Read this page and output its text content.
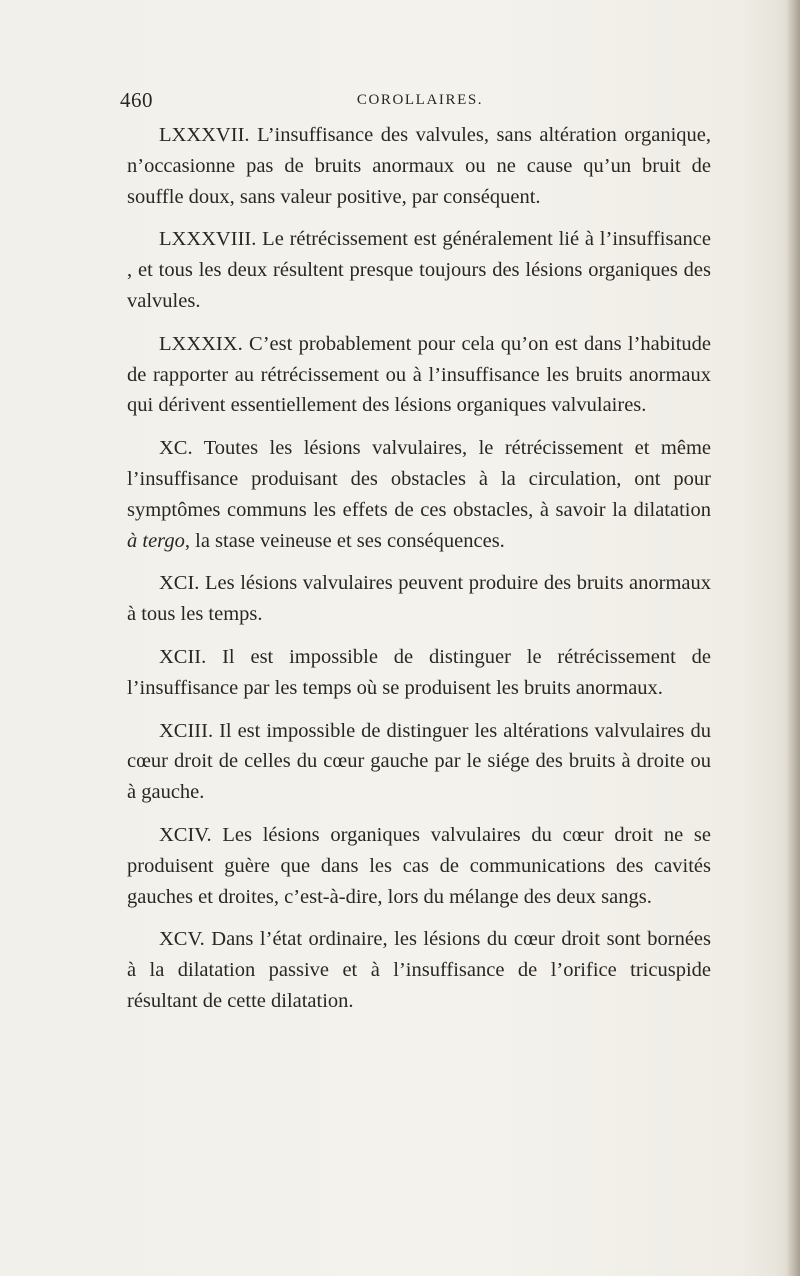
460	COROLLAIRES.

LXXXVII. L’insuffisance des valvules, sans altération organique, n’occasionne pas de bruits anormaux ou ne cause qu’un bruit de souffle doux, sans valeur positive, par conséquent.

LXXXVIII. Le rétrécissement est généralement lié à l’insuffisance , et tous les deux résultent presque toujours des lésions organiques des valvules.

LXXXIX. C’est probablement pour cela qu’on est dans l’habitude de rapporter au rétrécissement ou à l’insuffisance les bruits anormaux qui dérivent essentiellement des lésions organiques valvulaires.

XC. Toutes les lésions valvulaires, le rétrécissement et même l’insuffisance produisant des obstacles à la circulation, ont pour symptômes communs les effets de ces obstacles, à savoir la dilatation à tergo, la stase veineuse et ses conséquences.

XCI. Les lésions valvulaires peuvent produire des bruits anormaux à tous les temps.

XCII. Il est impossible de distinguer le rétrécissement de l’insuffisance par les temps où se produisent les bruits anormaux.

XCIII. Il est impossible de distinguer les altérations valvulaires du cœur droit de celles du cœur gauche par le siége des bruits à droite ou à gauche.

XCIV. Les lésions organiques valvulaires du cœur droit ne se produisent guère que dans les cas de communications des cavités gauches et droites, c’est-à-dire, lors du mélange des deux sangs.

XCV. Dans l’état ordinaire, les lésions du cœur droit sont bornées à la dilatation passive et à l’insuffisance de l’orifice tricuspide résultant de cette dilatation.
